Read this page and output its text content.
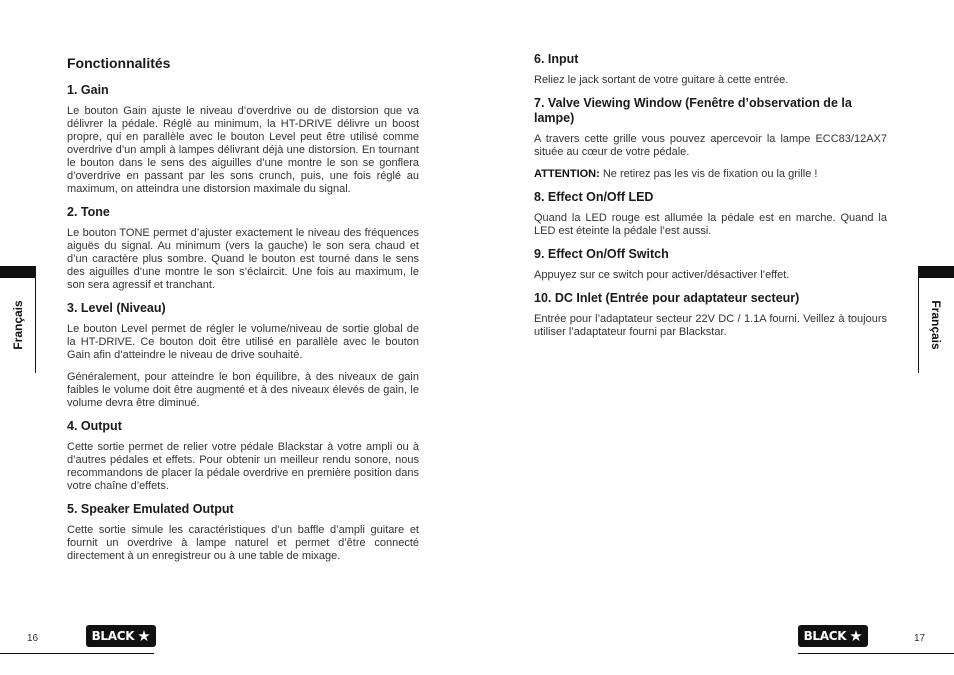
Français
Fonctionnalités
1. Gain

Le bouton Gain ajuste le niveau d’overdrive ou de distorsion que va délivrer la pédale. Réglé au minimum, la HT-DRIVE délivre un boost propre, qui en parallèle avec le bouton Level peut être utilisé comme overdrive d’un ampli à lampes délivrant déjà une distorsion. En tournant le bouton dans le sens des aiguilles d’une montre le son se gonflera d’overdrive en passant par les sons crunch, puis, une fois réglé au maximum, on atteindra une distorsion maximale du signal.

2. Tone

Le bouton TONE permet d’ajuster exactement le niveau des fréquences aiguës du signal. Au minimum (vers la gauche) le son sera chaud et d’un caractère plus sombre. Quand le bouton est tourné dans le sens des aiguilles d’une montre le son s’éclaircit. Une fois au maximum, le son sera agressif et tranchant.

3. Level (Niveau)

Le bouton Level permet de régler le volume/niveau de sortie global de la HT-DRIVE. Ce bouton doit être utilisé en parallèle avec le bouton Gain afin d’atteindre le niveau de drive souhaité.

Généralement, pour atteindre le bon équilibre, à des niveaux de gain faibles le volume doit être augmenté et à des niveaux élevés de gain, le volume devra être diminué.

4. Output

Cette sortie permet de relier votre pédale Blackstar à votre ampli ou à d’autres pédales et effets. Pour obtenir un meilleur rendu sonore, nous recommandons de placer la pédale overdrive en première position dans votre chaîne d’effets.

5. Speaker Emulated Output

Cette sortie simule les caractéristiques d’un baffle d’ampli guitare et fournit un overdrive à lampe naturel et permet d’être connecté directement à un enregistreur ou à une table de mixage.

16	BLACK ★
6. Input

Reliez le jack sortant de votre guitare à cette entrée.

7. Valve Viewing Window (Fenêtre d’observation de la lampe)

A travers cette grille vous pouvez apercevoir la lampe ECC83/12AX7 située au cœur de votre pédale.

ATTENTION: Ne retirez pas les vis de fixation ou la grille !

8. Effect On/Off LED

Quand la LED rouge est allumée la pédale est en marche. Quand la LED est éteinte la pédale l’est aussi.

9. Effect On/Off Switch

Appuyez sur ce switch pour activer/désactiver l’effet.

10. DC Inlet (Entrée pour adaptateur secteur)

Entrée pour l’adaptateur secteur 22V DC / 1.1A fourni. Veillez à toujours utiliser l’adaptateur fourni par Blackstar.	Français
BLACK ★	17
